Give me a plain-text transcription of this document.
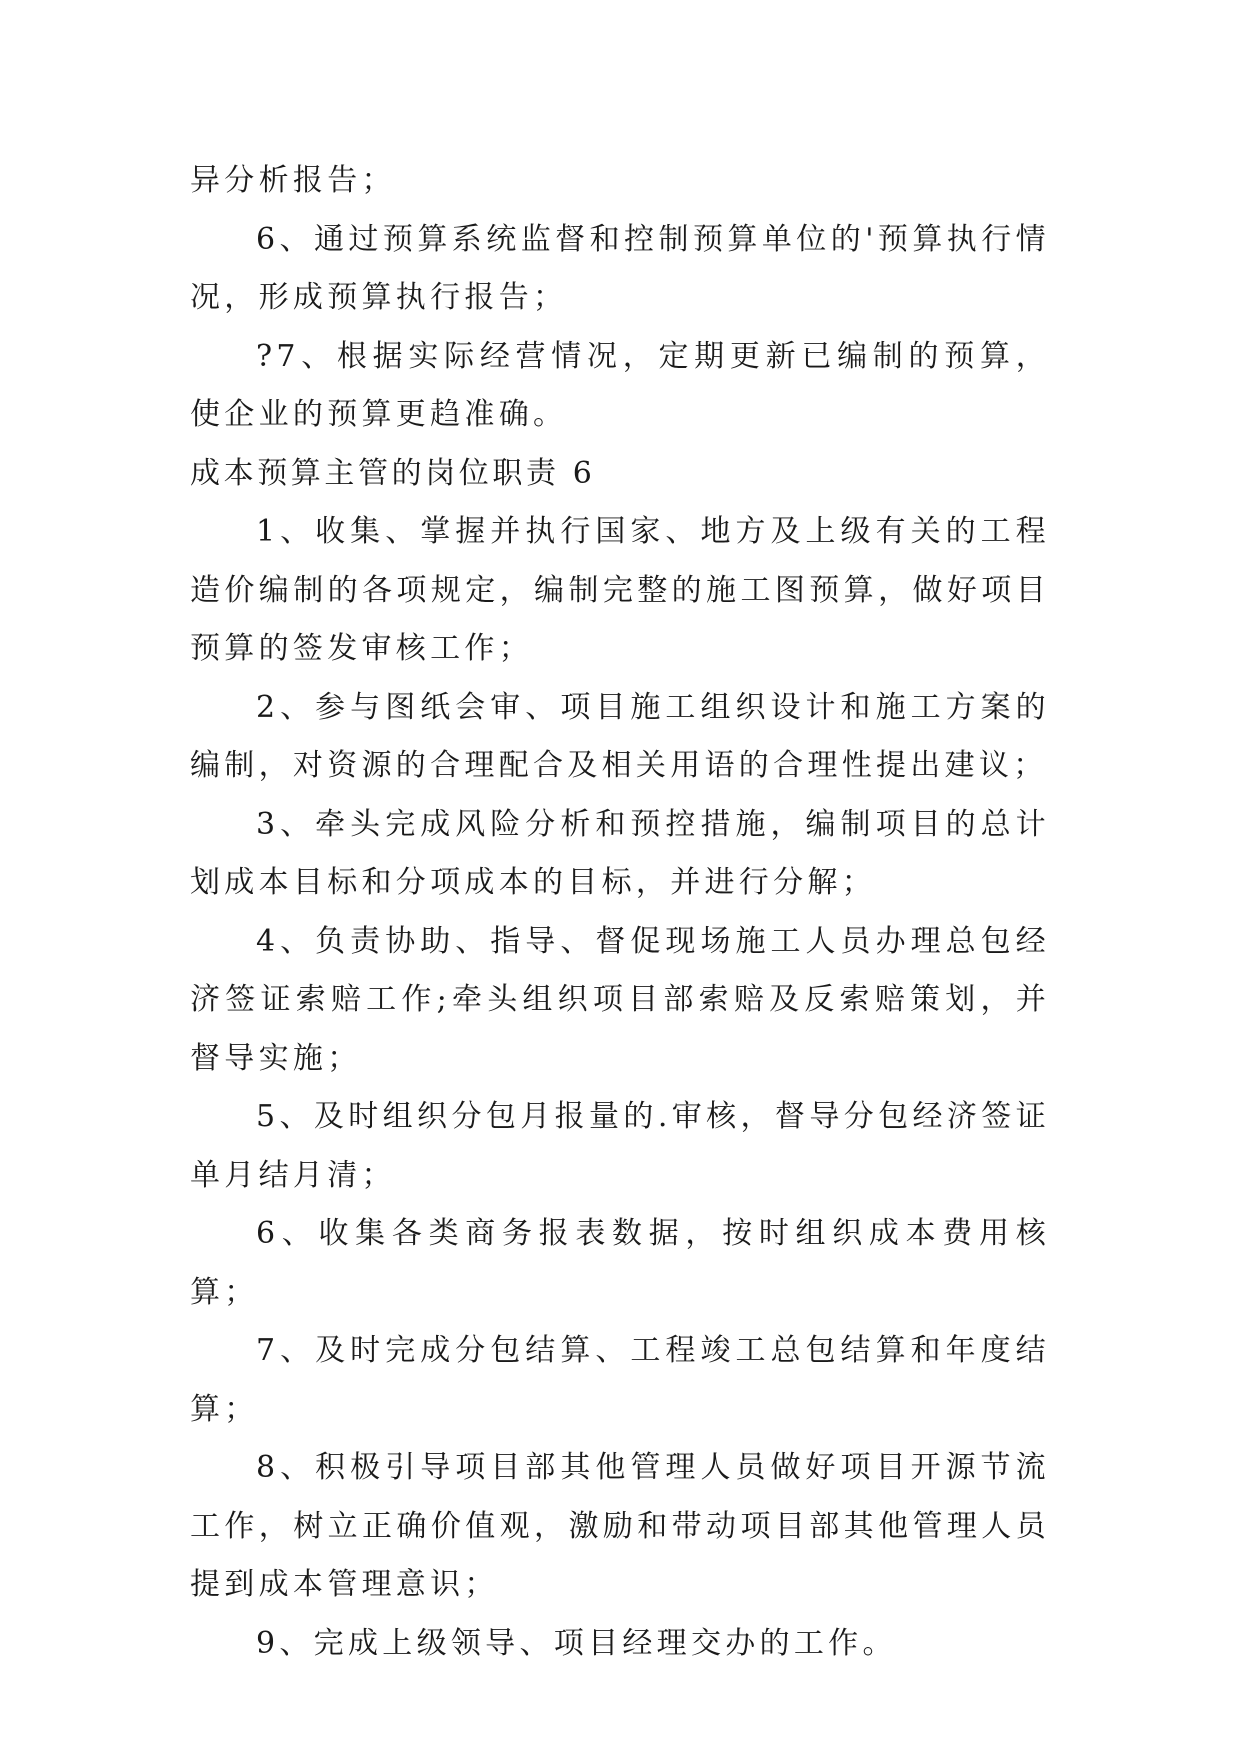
异分析报告；

6、通过预算系统监督和控制预算单位的'预算执行情况，形成预算执行报告；

?7、根据实际经营情况，定期更新已编制的预算，使企业的预算更趋准确。

成本预算主管的岗位职责 6

1、收集、掌握并执行国家、地方及上级有关的工程造价编制的各项规定，编制完整的施工图预算，做好项目预算的签发审核工作；

2、参与图纸会审、项目施工组织设计和施工方案的编制，对资源的合理配合及相关用语的合理性提出建议；

3、牵头完成风险分析和预控措施，编制项目的总计划成本目标和分项成本的目标，并进行分解；

4、负责协助、指导、督促现场施工人员办理总包经济签证索赔工作;牵头组织项目部索赔及反索赔策划，并督导实施；

5、及时组织分包月报量的.审核，督导分包经济签证单月结月清；

6、收集各类商务报表数据，按时组织成本费用核算；

7、及时完成分包结算、工程竣工总包结算和年度结算；

8、积极引导项目部其他管理人员做好项目开源节流工作，树立正确价值观，激励和带动项目部其他管理人员提到成本管理意识；

9、完成上级领导、项目经理交办的工作。
